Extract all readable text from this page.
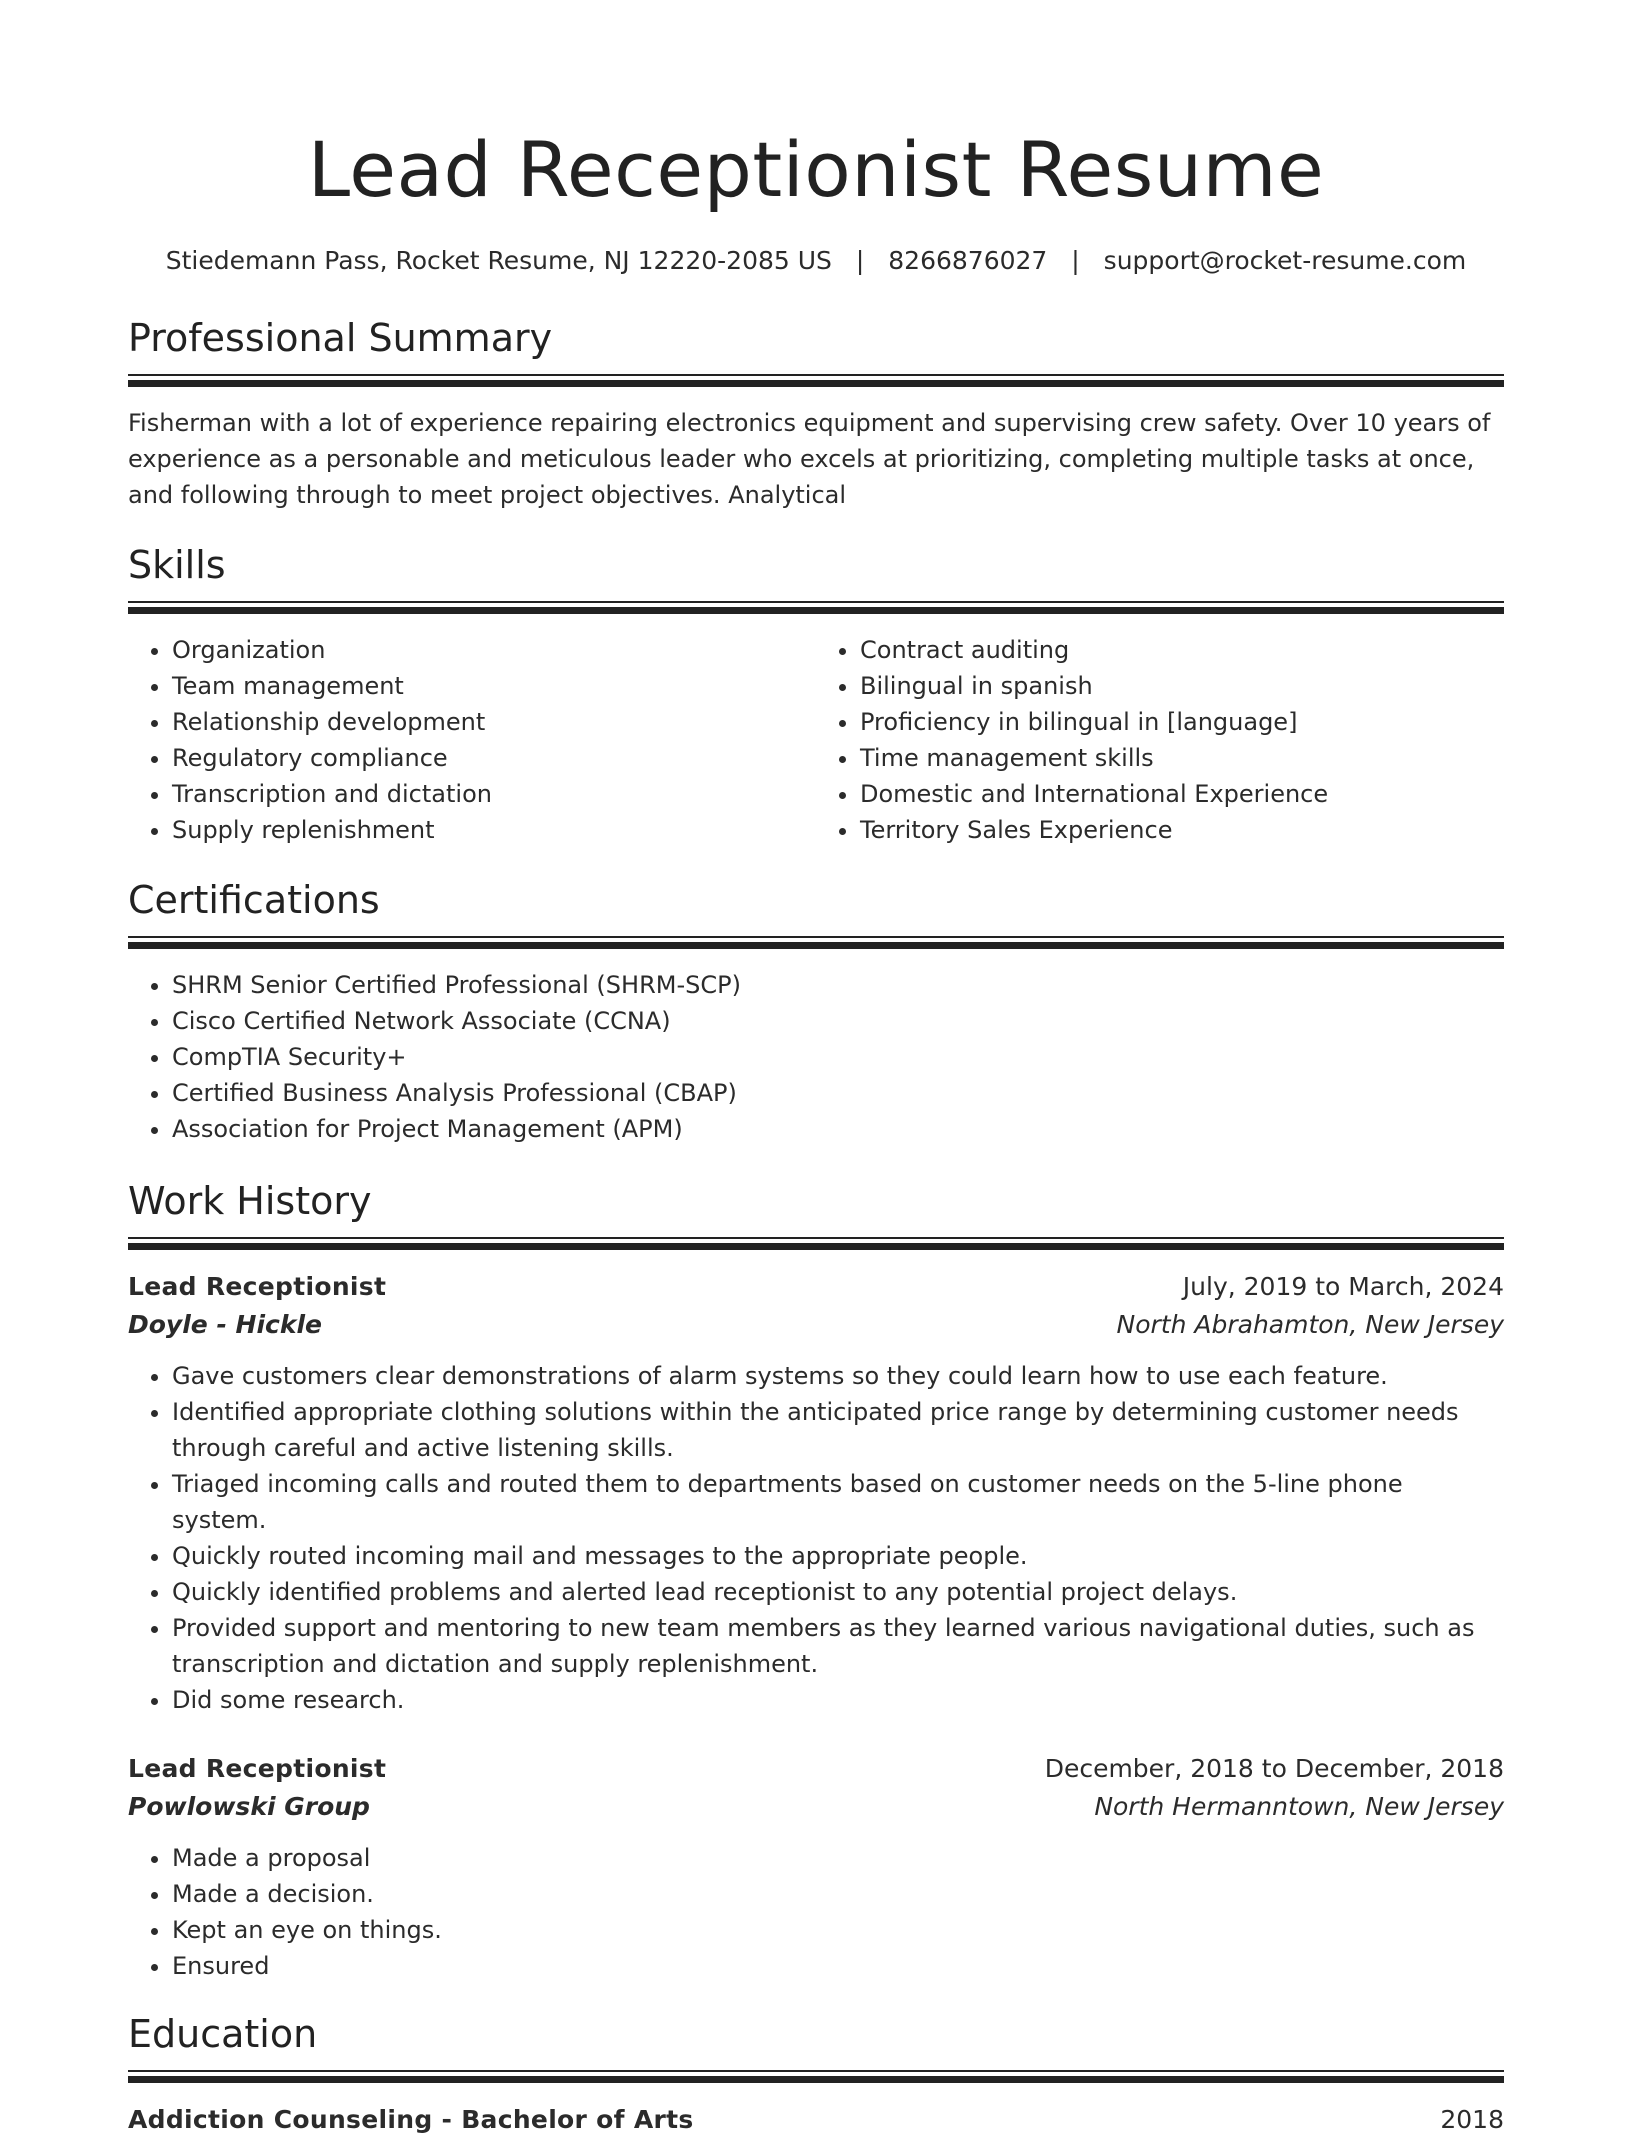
Lead Receptionist Resume
Stiedemann Pass, Rocket Resume, NJ 12220-2085 US | 8266876027 | support@rocket-resume.com
Professional Summary

Fisherman with a lot of experience repairing electronics equipment and supervising crew safety. Over 10 years of experience as a personable and meticulous leader who excels at prioritizing, completing multiple tasks at once, and following through to meet project objectives. Analytical

Skills
• Organization
• Team management
• Relationship development
• Regulatory compliance
• Transcription and dictation
• Supply replenishment
• Contract auditing
• Bilingual in spanish
• Proficiency in bilingual in [language]
• Time management skills
• Domestic and International Experience
• Territory Sales Experience
Certifications
• SHRM Senior Certified Professional (SHRM-SCP)
• Cisco Certified Network Associate (CCNA)
• CompTIA Security+
• Certified Business Analysis Professional (CBAP)
• Association for Project Management (APM)
Work History
Lead Receptionist	July, 2019 to March, 2024
Doyle - Hickle	North Abrahamton, New Jersey
• Gave customers clear demonstrations of alarm systems so they could learn how to use each feature.
• Identified appropriate clothing solutions within the anticipated price range by determining customer needs through careful and active listening skills.
• Triaged incoming calls and routed them to departments based on customer needs on the 5-line phone system.
• Quickly routed incoming mail and messages to the appropriate people.
• Quickly identified problems and alerted lead receptionist to any potential project delays.
• Provided support and mentoring to new team members as they learned various navigational duties, such as transcription and dictation and supply replenishment.
• Did some research.
Lead Receptionist	December, 2018 to December, 2018
Powlowski Group	North Hermanntown, New Jersey
• Made a proposal
• Made a decision.
• Kept an eye on things.
• Ensured
Education
Addiction Counseling - Bachelor of Arts	2018
